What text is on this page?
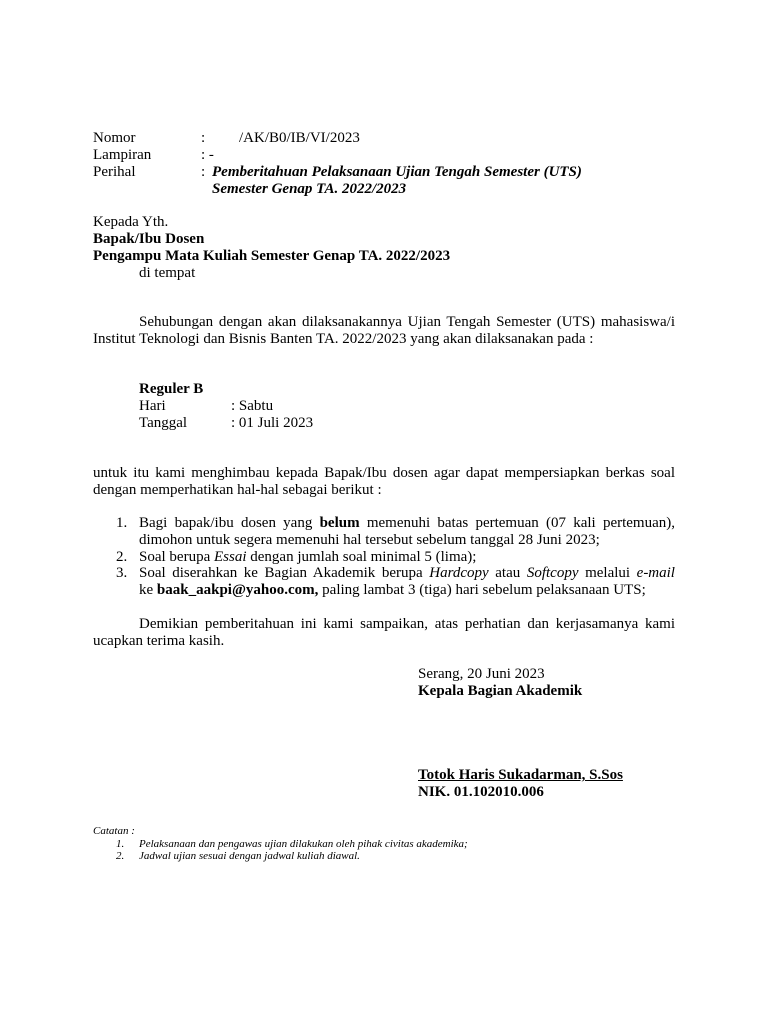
Nomor	: /AK/B0/IB/VI/2023
Lampiran	: -
Perihal	: Pemberitahuan Pelaksanaan Ujian Tengah Semester (UTS)
Semester Genap TA. 2022/2023
Kepada Yth.
Bapak/Ibu Dosen
Pengampu Mata Kuliah Semester Genap TA. 2022/2023
di tempat
Sehubungan dengan akan dilaksanakannya Ujian Tengah Semester (UTS) mahasiswa/i Institut Teknologi dan Bisnis Banten TA. 2022/2023 yang akan dilaksanakan pada :
Reguler B
Hari	: Sabtu
Tanggal	: 01 Juli 2023
untuk itu kami menghimbau kepada Bapak/Ibu dosen agar dapat mempersiapkan berkas soal dengan memperhatikan hal-hal sebagai berikut :
1. Bagi bapak/ibu dosen yang belum memenuhi batas pertemuan (07 kali pertemuan), dimohon untuk segera memenuhi hal tersebut sebelum tanggal 28 Juni 2023;
2. Soal berupa Essai dengan jumlah soal minimal 5 (lima);
3. Soal diserahkan ke Bagian Akademik berupa Hardcopy atau Softcopy melalui e-mail
ke baak_aakpi@yahoo.com, paling lambat 3 (tiga) hari sebelum pelaksanaan UTS;
Demikian pemberitahuan ini kami sampaikan, atas perhatian dan kerjasamanya kami ucapkan terima kasih.
Serang, 20 Juni 2023
Kepala Bagian Akademik
Totok Haris Sukadarman, S.Sos
NIK. 01.102010.006
Catatan :
1. Pelaksanaan dan pengawas ujian dilakukan oleh pihak civitas akademika;
2. Jadwal ujian sesuai dengan jadwal kuliah diawal.
